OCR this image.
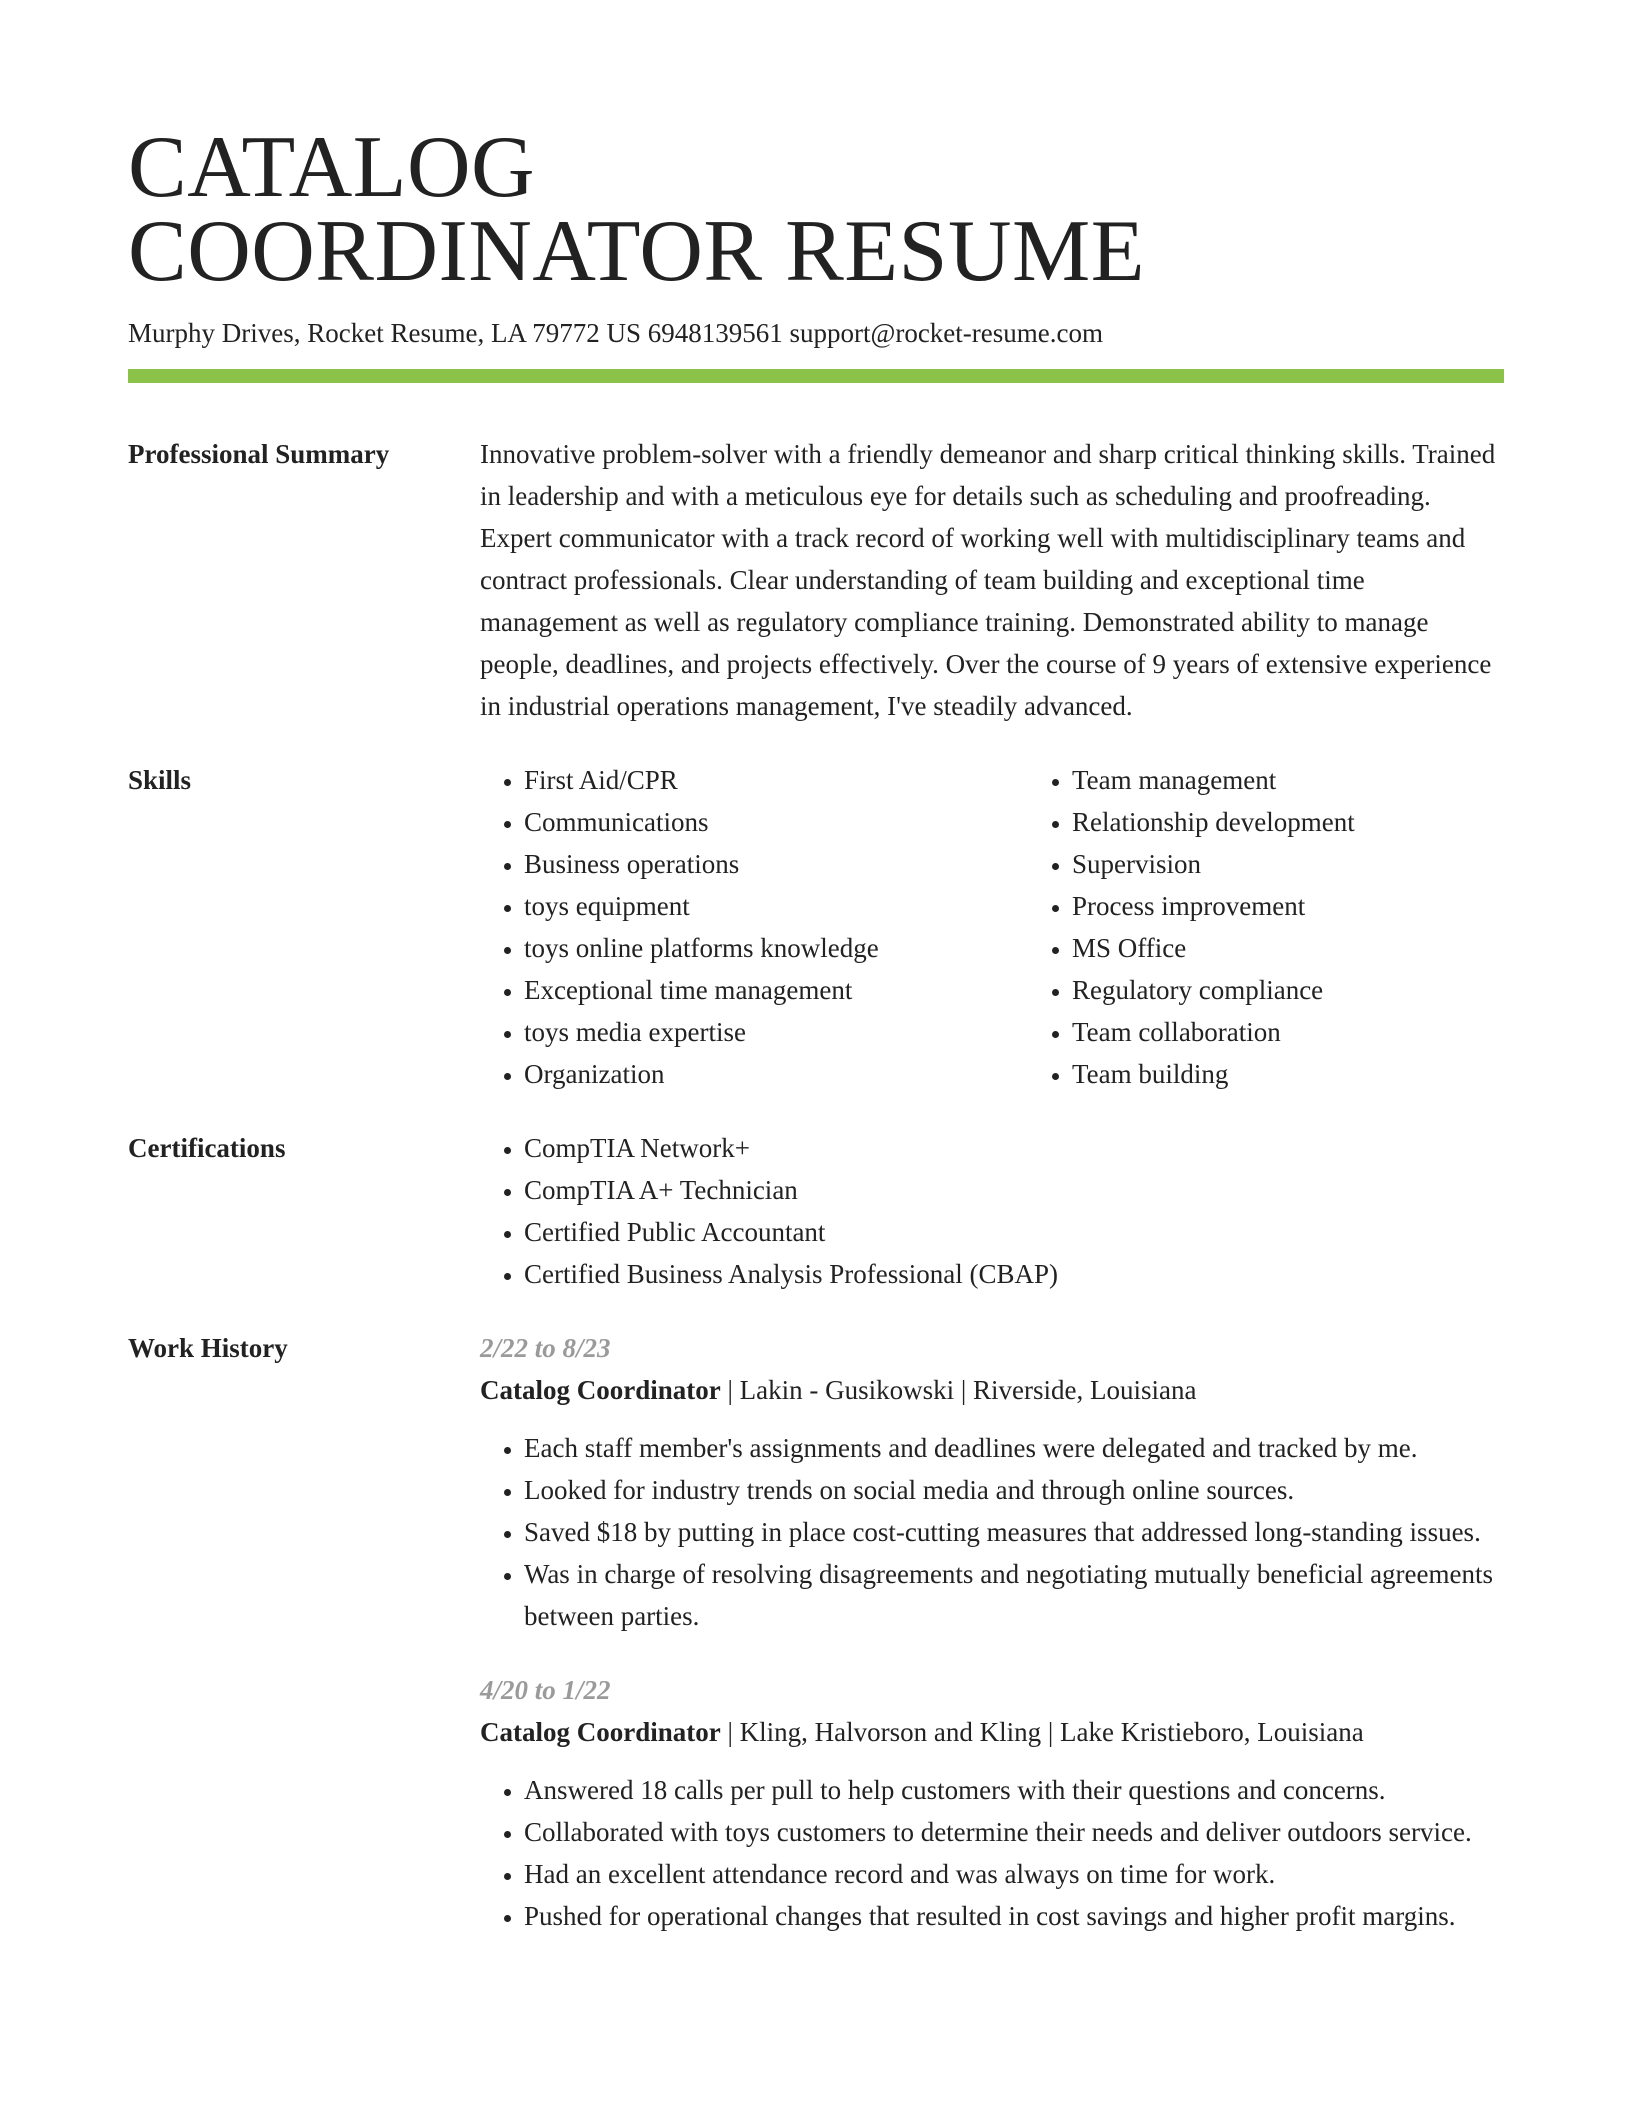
CATALOG
COORDINATOR RESUME
Murphy Drives, Rocket Resume, LA 79772 US 6948139561 support@rocket-resume.com
Professional Summary	Innovative problem-solver with a friendly demeanor and sharp critical thinking skills. Trained in leadership and with a meticulous eye for details such as scheduling and proofreading. Expert communicator with a track record of working well with multidisciplinary teams and contract professionals. Clear understanding of team building and exceptional time management as well as regulatory compliance training. Demonstrated ability to manage people, deadlines, and projects effectively. Over the course of 9 years of extensive experience in industrial operations management, I've steadily advanced.
Skills	• First Aid/CPR
• Communications
• Business operations
• toys equipment
• toys online platforms knowledge
• Exceptional time management
• toys media expertise
• Organization
• Team management
• Relationship development
• Supervision
• Process improvement
• MS Office
• Regulatory compliance
• Team collaboration
• Team building
Certifications	• CompTIA Network+
• CompTIA A+ Technician
• Certified Public Accountant
• Certified Business Analysis Professional (CBAP)
Work History	2/22 to 8/23
Catalog Coordinator | Lakin - Gusikowski | Riverside, Louisiana
• Each staff member's assignments and deadlines were delegated and tracked by me.
• Looked for industry trends on social media and through online sources.
• Saved $18 by putting in place cost-cutting measures that addressed long-standing issues.
• Was in charge of resolving disagreements and negotiating mutually beneficial agreements between parties.
4/20 to 1/22
Catalog Coordinator | Kling, Halvorson and Kling | Lake Kristieboro, Louisiana
• Answered 18 calls per pull to help customers with their questions and concerns.
• Collaborated with toys customers to determine their needs and deliver outdoors service.
• Had an excellent attendance record and was always on time for work.
• Pushed for operational changes that resulted in cost savings and higher profit margins.
